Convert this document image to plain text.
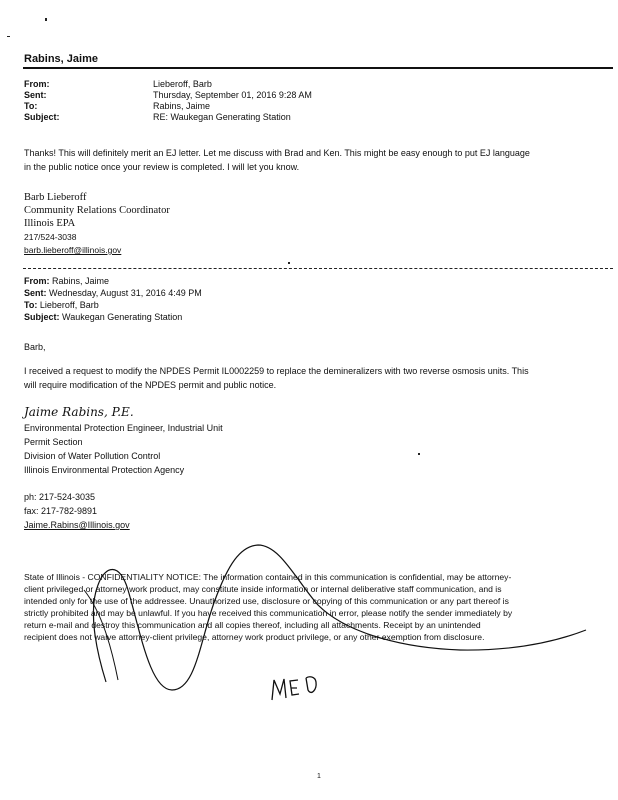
Rabins, Jaime
From:	Lieberoff, Barb
Sent:	Thursday, September 01, 2016 9:28 AM
To:	Rabins, Jaime
Subject:	RE: Waukegan Generating Station
Thanks! This will definitely merit an EJ letter. Let me discuss with Brad and Ken. This might be easy enough to put EJ language
in the public notice once your review is completed. I will let you know.
Barb Lieberoff
Community Relations Coordinator
Illinois EPA
217/524-3038
barb.lieberoff@illinois.gov
From: Rabins, Jaime
Sent: Wednesday, August 31, 2016 4:49 PM
To: Lieberoff, Barb
Subject: Waukegan Generating Station
Barb,
I received a request to modify the NPDES Permit IL0002259 to replace the demineralizers with two reverse osmosis units. This
will require modification of the NPDES permit and public notice.
Jaime Rabins, P.E.
Environmental Protection Engineer, Industrial Unit
Permit Section
Division of Water Pollution Control
Illinois Environmental Protection Agency
ph: 217-524-3035
fax: 217-782-9891
Jaime.Rabins@Illinois.gov
State of Illinois - CONFIDENTIALITY NOTICE: The information contained in this communication is confidential, may be attorney-
client privileged or attorney work product, may constitute inside information or internal deliberative staff communication, and is
intended only for the use of the addressee. Unauthorized use, disclosure or copying of this communication or any part thereof is
strictly prohibited and may be unlawful. If you have received this communication in error, please notify the sender immediately by
return e-mail and destroy this communication and all copies thereof, including all attachments. Receipt by an unintended
recipient does not waive attorney-client privilege, attorney work product privilege, or any other exemption from disclosure.
1
